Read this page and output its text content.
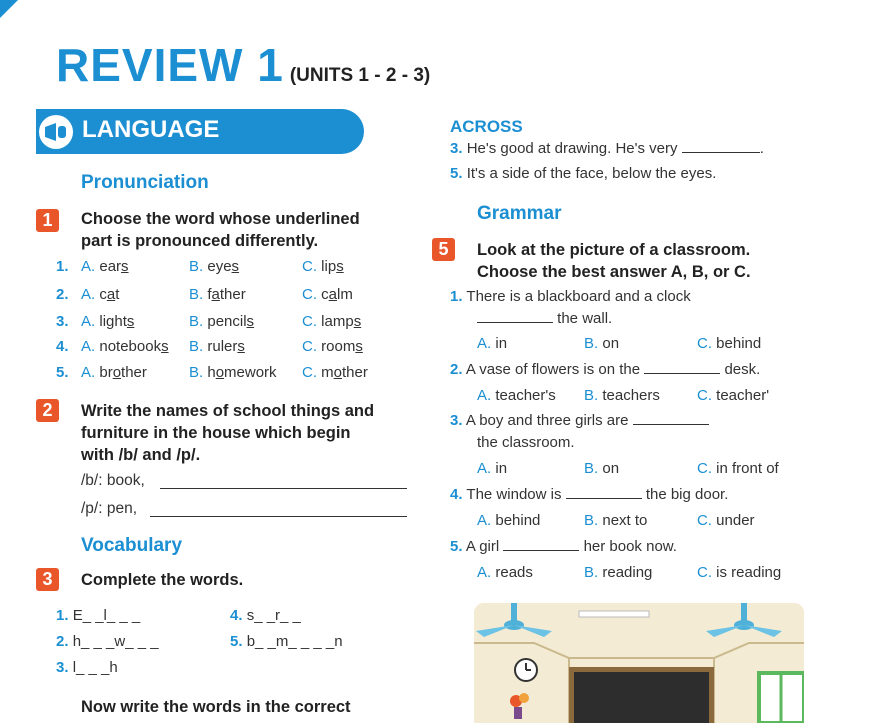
REVIEW 1 (UNITS 1 - 2 - 3)
LANGUAGE
Pronunciation
1	Choose the word whose underlined
part is pronounced differently.
1. A. ears	B. eyes	C. lips
2. A. cat	B. father	C. calm
3. A. lights	B. pencils	C. lamps
4. A. notebooks B. rulers	C. rooms
5. A. brother	B. homework C. mother
2	Write the names of school things and
furniture in the house which begin
with /b/ and /p/.
/b/: book,
/p/: pen,
Vocabulary
3	Complete the words.
1. E_ _l_ _ _	4. s_ _r_ _
2. h_ _ _w_ _ _	5. b_ _m_ _ _ _n
3. l_ _ _h
Now write the words in the correct
ACROSS
3. He's good at drawing. He's very	.
5. It's a side of the face, below the eyes.
Grammar
5	Look at the picture of a classroom.
Choose the best answer A, B, or C.
1. There is a blackboard and a clock
the wall.
A. in	B. on	C. behind
2. A vase of flowers is on the	desk.
A. teacher's B. teachers C. teacher'
3. A boy and three girls are
the classroom.
A. in	B. on	C. in front of
4. The window is	the big door.
A. behind	B. next to	C. under
5. A girl	her book now.
A. reads	B. reading	C. is reading
